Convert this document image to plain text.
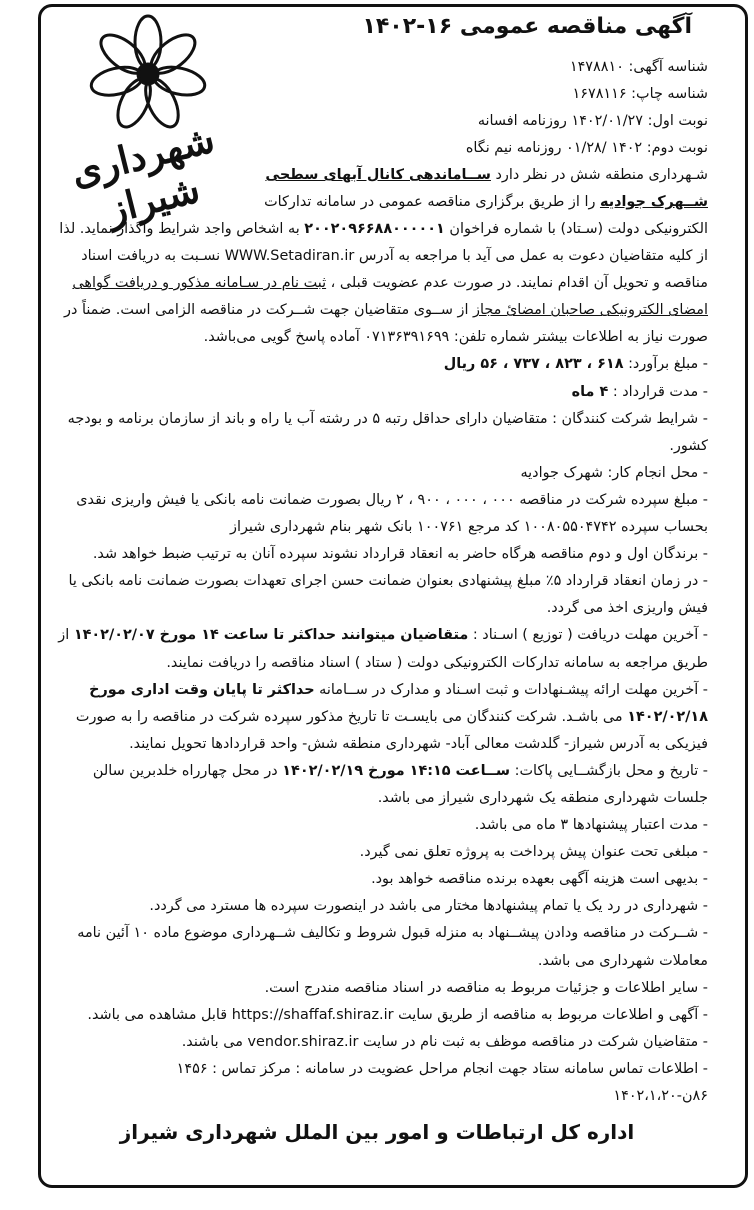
شهرداری شیراز
آگهی مناقصه عمومی ۱۶-۱۴۰۲
شناسه آگهی: ۱۴۷۸۸۱۰
شناسه چاپ: ۱۶۷۸۱۱۶
نوبت اول: ۱۴۰۲/۰۱/۲۷ روزنامه افسانه
نوبت دوم: ۱۴۰۲ /۰۱/۲۸ روزنامه نیم نگاه
شـهرداری منطقه شش در نظر دارد ســاماندهی کانال آبهای سطحی
شــهرک جوادیه را از طریق برگزاری مناقصه عمومی در سامانه تدارکات

الکترونیکی دولت (سـتاد) با شماره فراخوان ۲۰۰۲۰۹۶۶۸۸۰۰۰۰۰۱ به اشخاص واجد شرایط واگذار نمايد. لذا از کلیه متقاضیان دعوت به عمل می آید با مراجعه به آدرس WWW.Setadiran.ir نسـبت به دریافت اسناد مناقصه و تحویل آن اقدام نمایند. در صورت عدم عضویت قبلی ، ثبت نام در سـامانه مذکور و دریافت گواهی امضای الکترونیکی صاحبان امضائ مجاز از ســوی متقاضیان جهت شــرکت در مناقصه الزامی است. ضمناً در صورت نیاز به اطلاعات بیشتر شماره تلفن: ۰۷۱۳۶۳۹۱۶۹۹ آماده پاسخ گویی می‌باشد.

- مبلغ برآورد: ۶۱۸ ، ۸۲۳ ، ۷۳۷ ، ۵۶ ریال

- مدت قرارداد : ۴ ماه

- شرایط شرکت کنندگان : متقاضیان دارای حداقل رتبه ۵ در رشته آب یا راه و باند از سازمان برنامه و بودجه کشور.

- محل انجام کار: شهرک جوادیه

- مبلغ سپرده شرکت در مناقصه ۰۰۰ ، ۰۰۰ ، ۹۰۰ ، ۲ ریال بصورت ضمانت نامه بانکی یا فیش واریزی نقدی بحساب سپرده ۱۰۰۸۰۵۵۰۴۷۴۲ کد مرجع ۱۰۰۷۶۱ بانک شهر بنام شهرداری شیراز

- برندگان اول و دوم مناقصه هرگاه حاضر به انعقاد قرارداد نشوند سپرده آنان به ترتیب ضبط خواهد شد.

- در زمان انعقاد قرارداد ۵٪ مبلغ پیشنهادی بعنوان ضمانت حسن اجرای تعهدات بصورت ضمانت نامه بانکی یا فیش واریزی اخذ می گردد.

- آخرین مهلت دریافت ( توزیع ) اسـناد : متقاضیان میتوانند حداکثر تا ساعت ۱۴ مورخ ۱۴۰۲/۰۲/۰۷ از طریق مراجعه به سامانه تدارکات الکترونیکی دولت ( ستاد ) اسناد مناقصه را دریافت نمایند.

- آخرین مهلت ارائه پیشـنهادات و ثبت اسـناد و مدارک در ســامانه حداکثر تا پایان وقت اداری مورخ ۱۴۰۲/۰۲/۱۸ می باشـد. شرکت کنندگان می بایسـت تا تاریخ مذکور سپرده شرکت در مناقصه را به صورت فیزیکی به آدرس شیراز- گلدشت معالی آباد- شهرداری منطقه شش- واحد قراردادها تحویل نمایند.

- تاریخ و محل بازگشــایی پاکات: ســاعت ۱۴:۱۵ مورخ ۱۴۰۲/۰۲/۱۹ در محل چهارراه خلدبرین سالن جلسات شهرداری منطقه یک شهرداری شیراز می باشد.

- مدت اعتبار پیشنهادها ۳ ماه می باشد.

- مبلغی تحت عنوان پیش پرداخت به پروژه تعلق نمی گیرد.

- بدیهی است هزینه آگهی بعهده برنده مناقصه خواهد بود.

- شهرداری در رد یک یا تمام پیشنهادها مختار می باشد در اینصورت سپرده ها مسترد می گردد.

- شــرکت در مناقصه ودادن پیشــنهاد به منزله قبول شروط و تکالیف شــهرداری موضوع ماده ۱۰ آئین نامه معاملات شهرداری می باشد.

- سایر اطلاعات و جزئیات مربوط به مناقصه در اسناد مناقصه مندرج است.

- آگهی و اطلاعات مربوط به مناقصه از طریق سایت https://shaffaf.shiraz.ir قابل مشاهده می باشد.

- متقاضیان شرکت در مناقصه موظف به ثبت نام در سایت vendor.shiraz.ir می باشند.

- اطلاعات تماس سامانه ستاد جهت انجام مراحل عضویت در سامانه : مرکز تماس : ۱۴۵۶

۸۶ن-۱۴۰۲،۱،۲۰

اداره کل ارتباطات و امور بین الملل شهرداری شیراز
